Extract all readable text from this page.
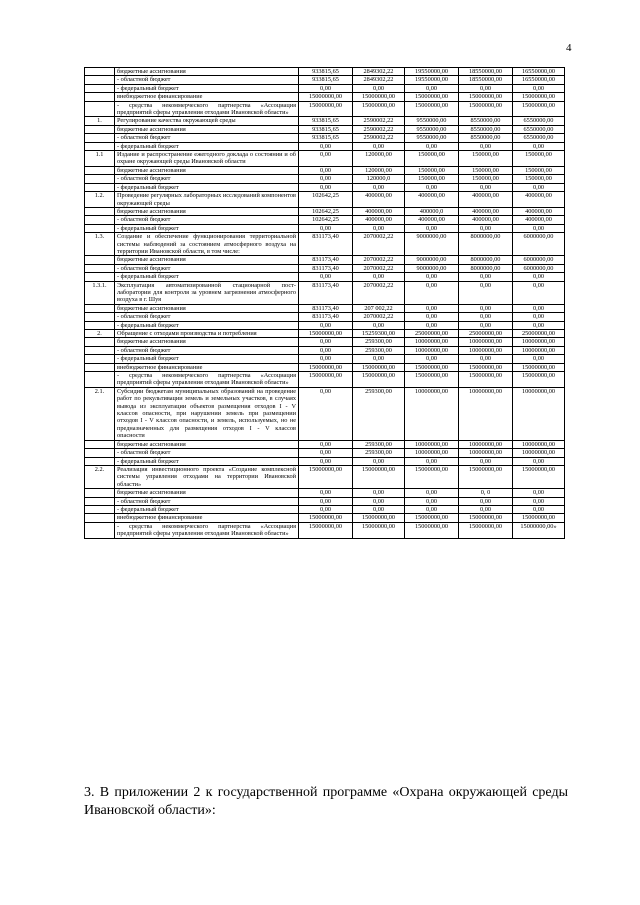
4
	бюджетные ассигнования	933815,65	2849302,22	19550000,00	18550000,00	16550000,00
	- областной бюджет	933815,65	2849302,22	19550000,00	18550000,00	16550000,00
	- федеральный бюджет	0,00	0,00	0,00	0,00	0,00
	внебюджетное финансирование	15000000,00	15000000,00	15000000,00	15000000,00	15000000,00
	- средства некоммерческого партнерства «Ассоциация предприятий сферы управления отходами Ивановской области»	15000000,00	15000000,00	15000000,00	15000000,00	15000000,00
1.	Регулирование качества окружающей среды	933815,65	2590002,22	9550000,00	8550000,00	6550000,00
	бюджетные ассигнования	933815,65	2590002,22	9550000,00	8550000,00	6550000,00
	- областной бюджет	933815,65	2590002,22	9550000,00	8550000,00	6550000,00
	- федеральный бюджет	0,00	0,00	0,00	0,00	0,00
1.1	Издание и распространение ежегодного доклада о состоянии и об охране окружающей среды Ивановской области	0,00	120000,00	150000,00	150000,00	150000,00
	бюджетные ассигнования	0,00	120000,00	150000,00	150000,00	150000,00
	- областной бюджет	0,00	120000,0	150000,00	150000,00	150000,00
	- федеральный бюджет	0,00	0,00	0,00	0,00	0,00
1.2.	Проведение регулярных лабораторных исследований компонентов окружающей среды	102642,25	400000,00	400000,00	400000,00	400000,00
	бюджетные ассигнования	102642,25	400000,00	400000,0	400000,00	400000,00
	- областной бюджет	102642,25	400000,00	400000,00	400000,00	400000,00
	- федеральный бюджет	0,00	0,00	0,00	0,00	0,00
1.3.	Создание и обеспечение функционирования территориальной системы наблюдений за состоянием атмосферного воздуха на территории Ивановской области, в том числе:	831173,40	2070002,22	9000000,00	8000000,00	6000000,00
	бюджетные ассигнования	831173,40	2070002,22	9000000,00	8000000,00	6000000,00
	- областной бюджет	831173,40	2070002,22	9000000,00	8000000,00	6000000,00
	- федеральный бюджет	0,00	0,00	0,00	0,00	0,00
1.3.1.	Эксплуатация автоматизированной стационарной пост-лаборатории для контроля за уровнем загрязнения атмосферного воздуха в г. Шуя	831173,40	2070002,22	0,00	0,00	0,00
	бюджетные ассигнования	831173,40	207 002,22	0,00	0,00	0,00
	- областной бюджет	831173,40	2070002,22	0,00	0,00	0,00
	- федеральный бюджет	0,00	0,00	0,00	0,00	0,00
2.	Обращение с отходами производства и потребления	15000000,00	15259300,00	25000000,00	25000000,00	25000000,00
	бюджетные ассигнования	0,00	259300,00	10000000,00	10000000,00	10000000,00
	- областной бюджет	0,00	259300,00	10000000,00	10000000,00	10000000,00
	- федеральный бюджет	0,00	0,00	0,00	0,00	0,00
	внебюджетное финансирование	15000000,00	15000000,00	15000000,00	15000000,00	15000000,00
	- средства некоммерческого партнерства «Ассоциация предприятий сферы управления отходами Ивановской области»	15000000,00	15000000,00	15000000,00	15000000,00	15000000,00
2.1.	Субсидии бюджетам муниципальных образований на проведение работ по рекультивации земель и земельных участков, в случаях вывода из эксплуатации объектов размещения отходов I - V классов опасности, при нарушении земель при размещении отходов I - V классов опасности, и земель, используемых, но не предназначенных для размещения отходов I - V классов опасности	0,00	259300,00	10000000,00	10000000,00	10000000,00
	бюджетные ассигнования	0,00	259300,00	10000000,00	10000000,00	10000000,00
	- областной бюджет	0,00	259300,00	10000000,00	10000000,00	10000000,00
	- федеральный бюджет	0,00	0,00	0,00	0,00	0,00
2.2.	Реализация инвестиционного проекта «Создание комплексной системы управления отходами на территории Ивановской области»	15000000,00	15000000,00	15000000,00	15000000,00	15000000,00
	бюджетные ассигнования	0,00	0,00	0,00	0, 0	0,00
	- областной бюджет	0,00	0,00	0,00	0,00	0,00
	- федеральный бюджет	0,00	0,00	0,00	0,00	0,00
	внебюджетное финансирование	15000000,00	15000000,00	15000000,00	15000000,00	15000000,00
	- средства некоммерческого партнерства «Ассоциация предприятий сферы управления отходами Ивановской области»	15000000,00	15000000,00	15000000,00	15000000,00	15000000,00»
3. В приложении 2 к государственной программе «Охрана окружающей среды Ивановской области»:
